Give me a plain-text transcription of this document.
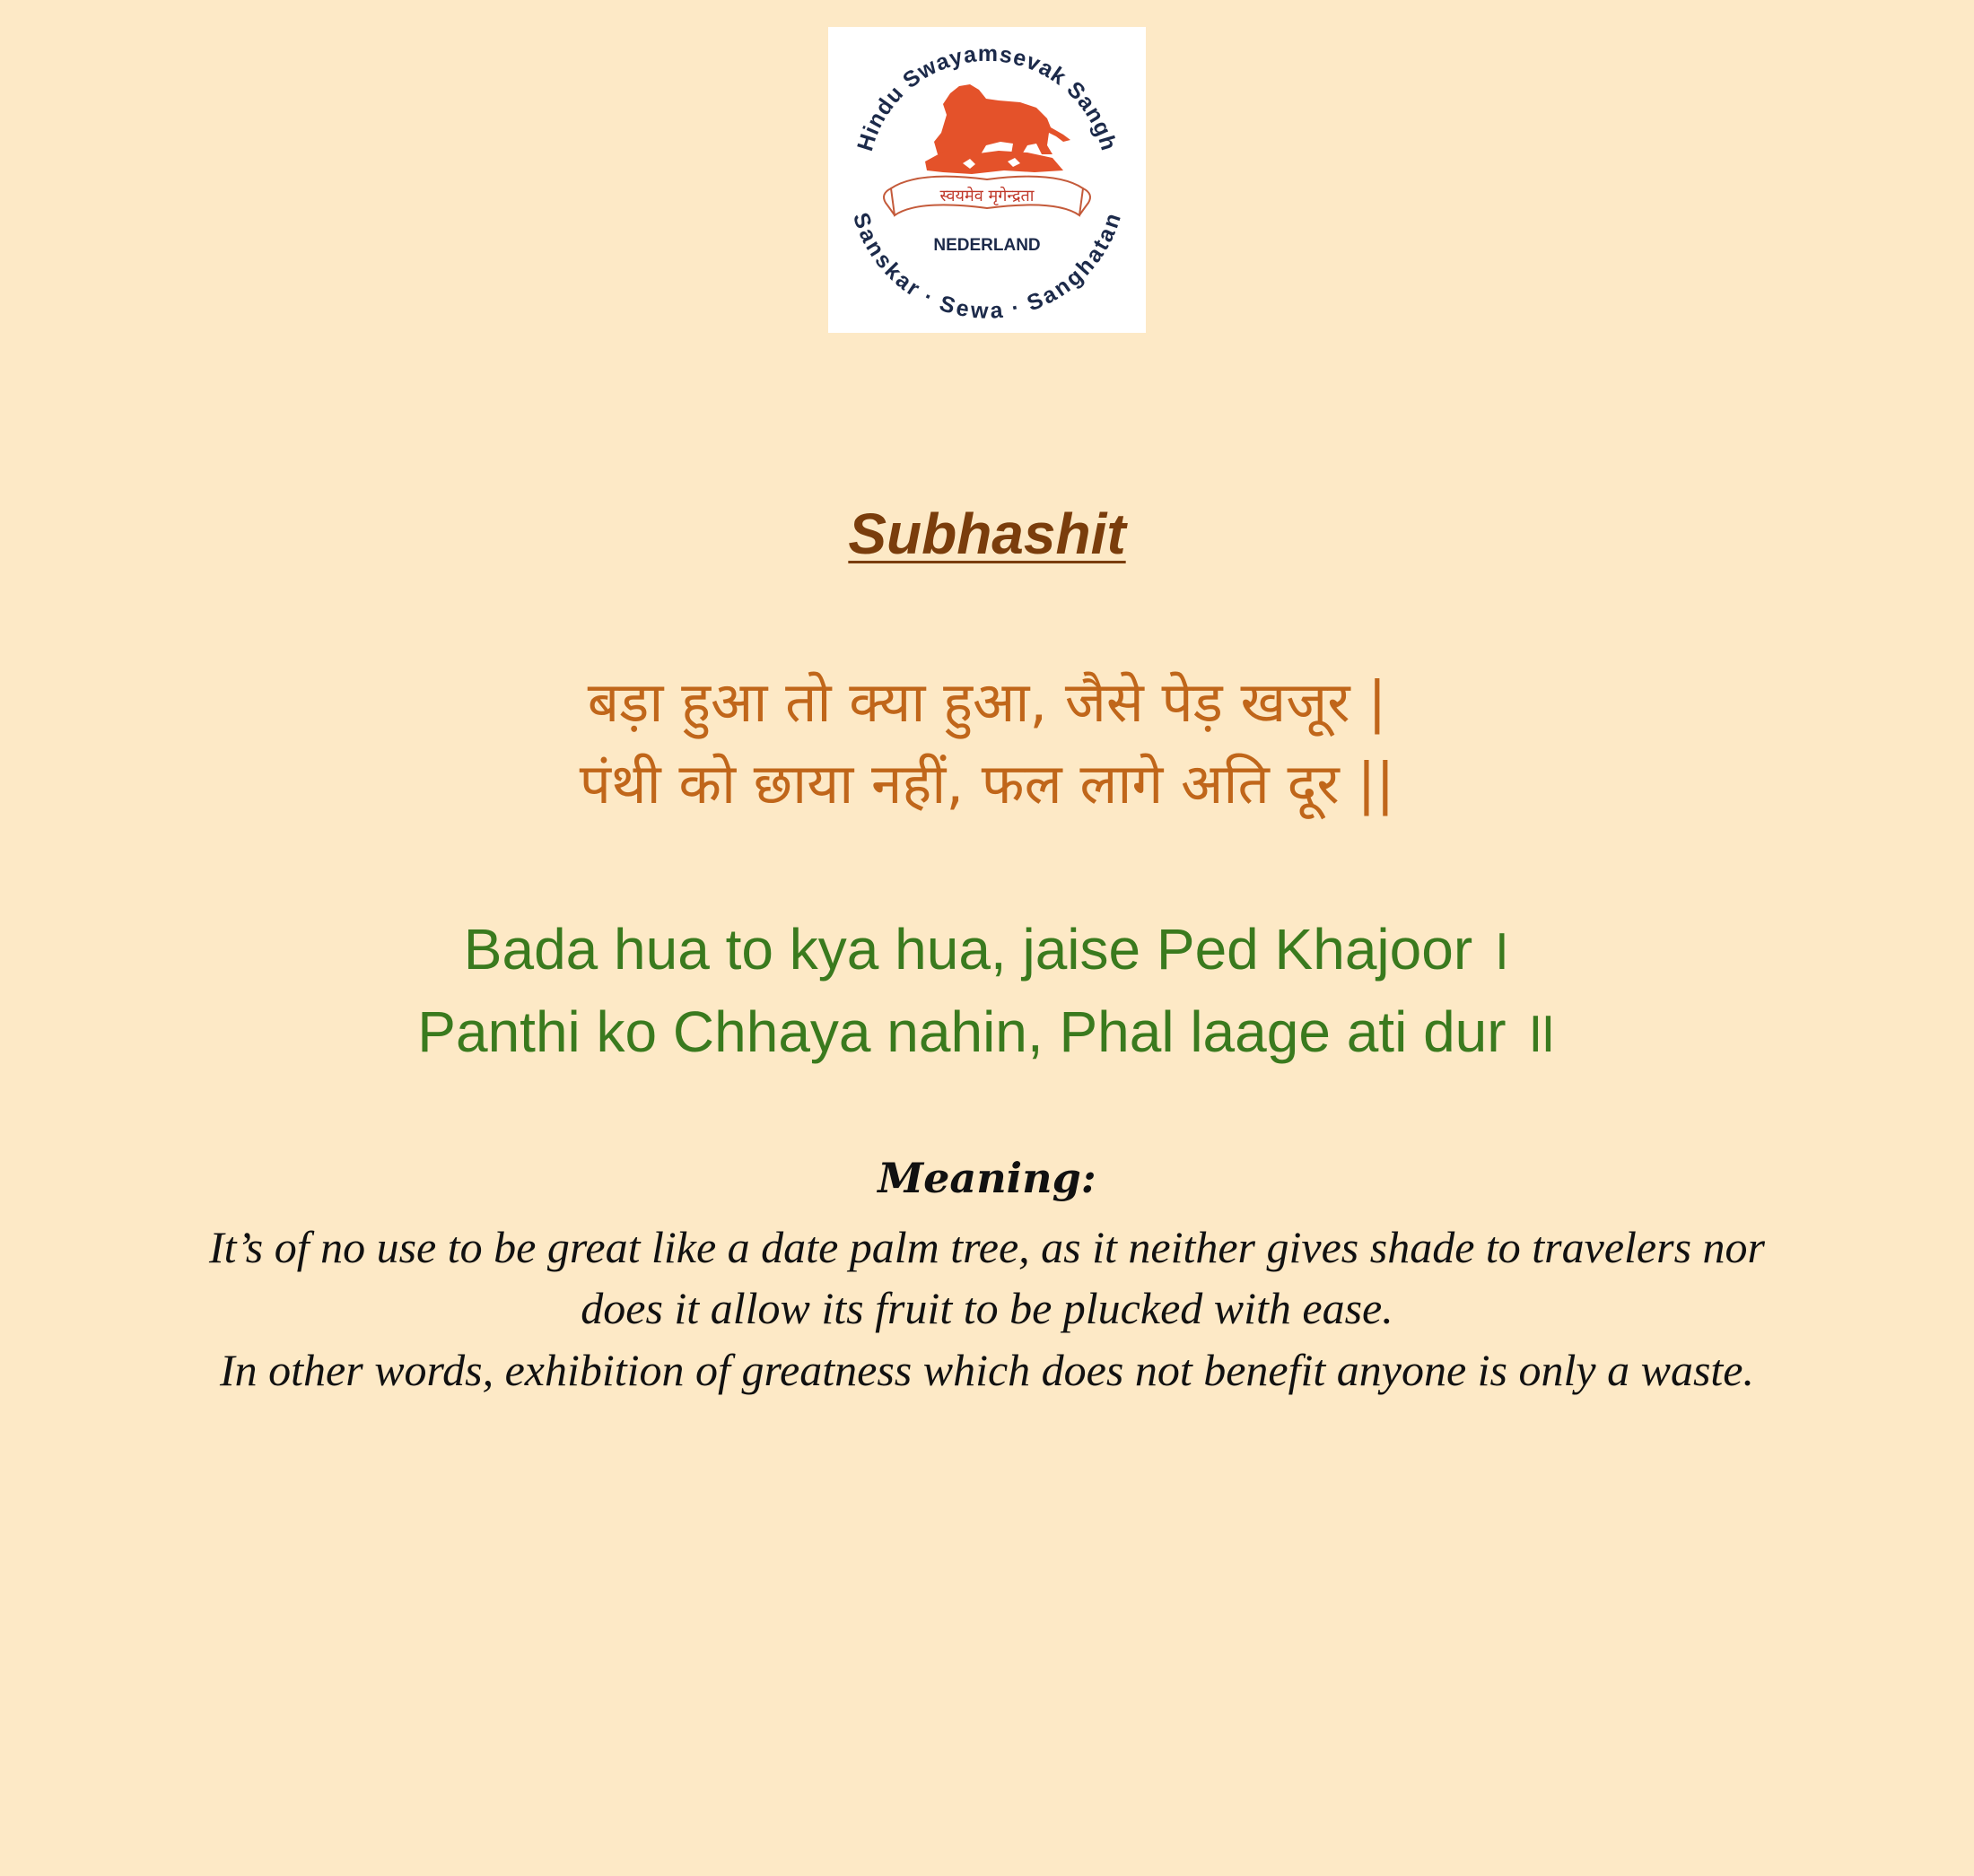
Hindu Swayamsevak Sangh
Sanskar · Sewa · Sanghatan
स्वयमेव मृगेन्द्रता
NEDERLAND
Subhashit
बड़ा हुआ तो क्या हुआ, जैसे पेड़ खजूर |
पंथी को छाया नहीं, फल लागे अति दूर ||
Bada hua to kya hua, jaise Ped Khajoor ।
Panthi ko Chhaya nahin, Phal laage ati dur ॥
Meaning:
It’s of no use to be great like a date palm tree, as it neither gives shade to travelers nor
does it allow its fruit to be plucked with ease.
In other words, exhibition of greatness which does not benefit anyone is only a waste.
